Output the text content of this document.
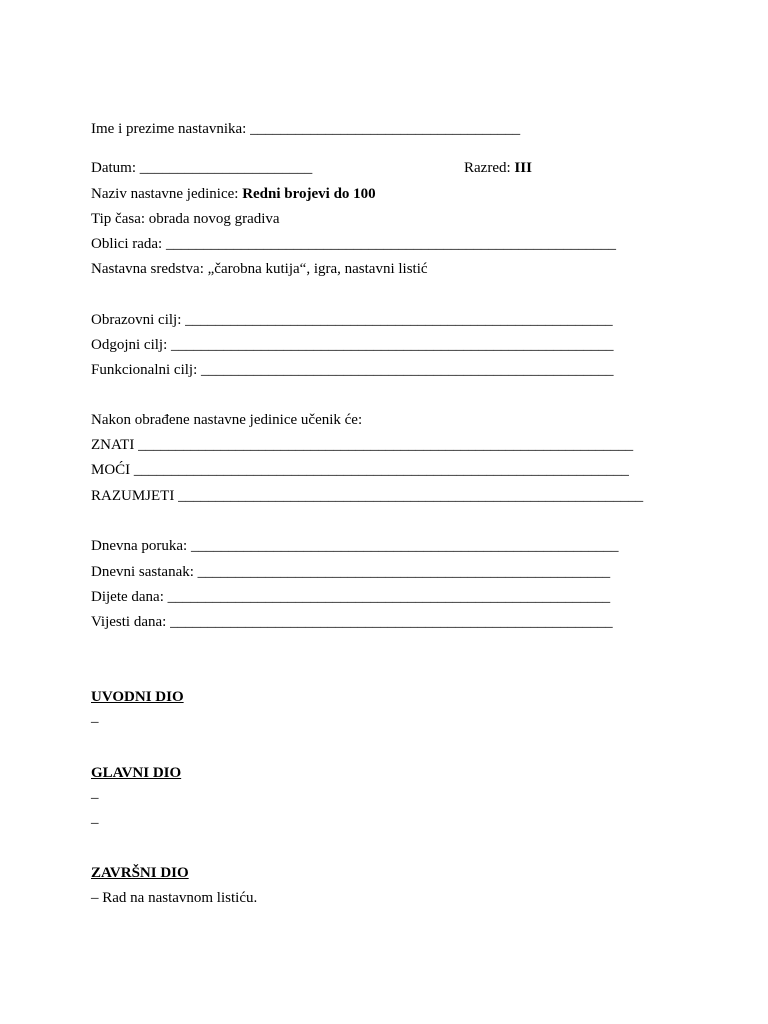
Ime i prezime nastavnika: ____________________________________
Datum: _______________________	Razred: III
Naziv nastavne jedinice: Redni brojevi do 100
Tip časa: obrada novog gradiva
Oblici rada: ____________________________________________________________
Nastavna sredstva: „čarobna kutija“, igra, nastavni listić
Obrazovni cilj: _________________________________________________________
Odgojni cilj: ___________________________________________________________
Funkcionalni cilj: _______________________________________________________
Nakon obrađene nastavne jedinice učenik će:
ZNATI __________________________________________________________________
MOĆI __________________________________________________________________
RAZUMJETI ______________________________________________________________
Dnevna poruka: _________________________________________________________
Dnevni sastanak: _______________________________________________________
Dijete dana: ___________________________________________________________
Vijesti dana: ___________________________________________________________
UVODNI DIO
–
GLAVNI DIO
–
–
ZAVRŠNI DIO
– Rad na nastavnom listiću.
